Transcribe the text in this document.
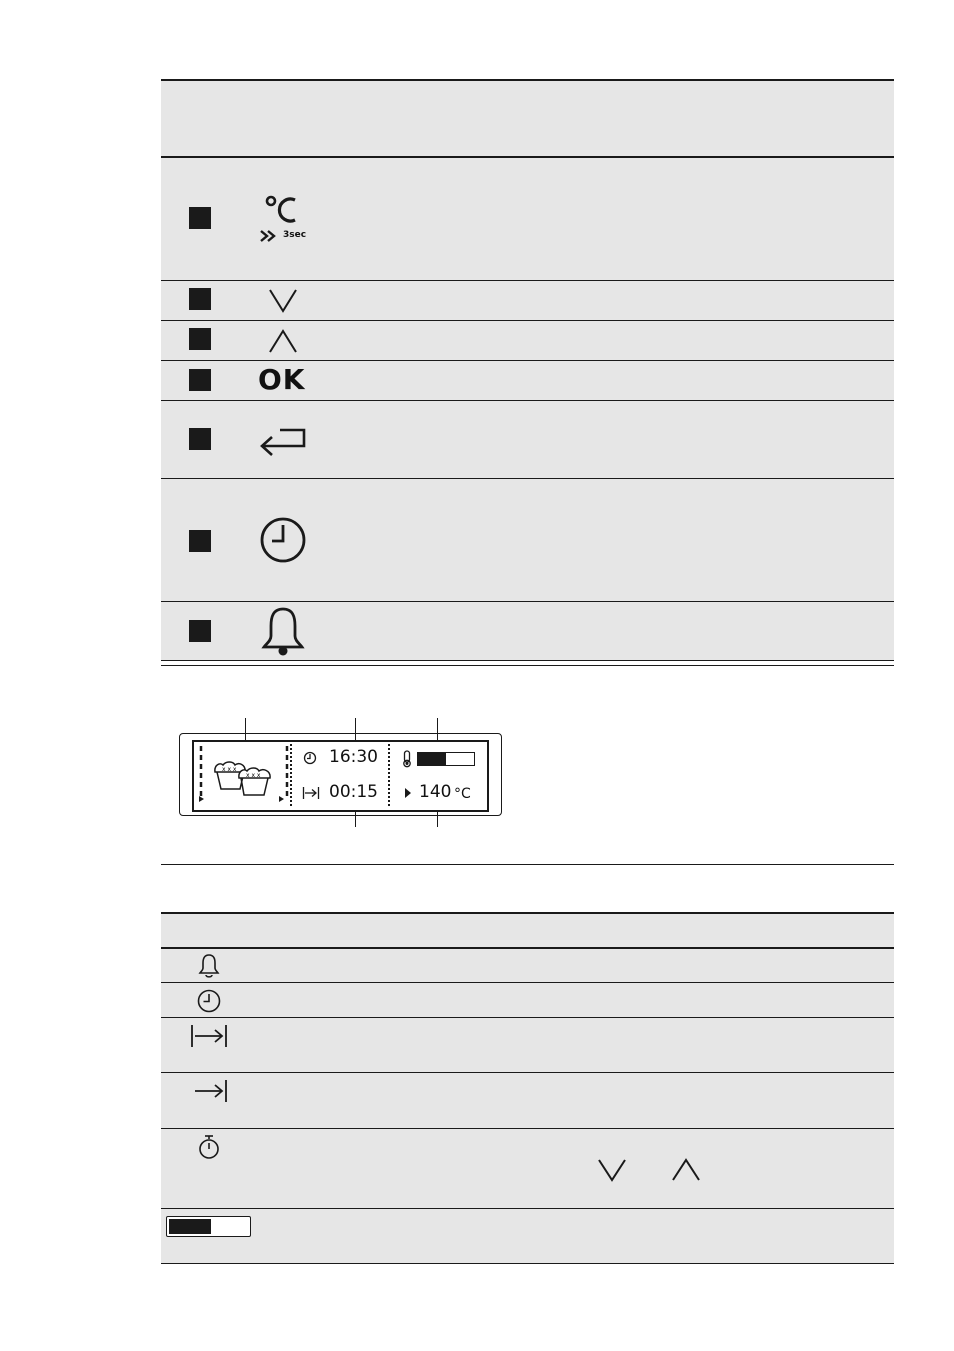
3sec
OK
x x x
x x x
16:30
00:15 140 °C
